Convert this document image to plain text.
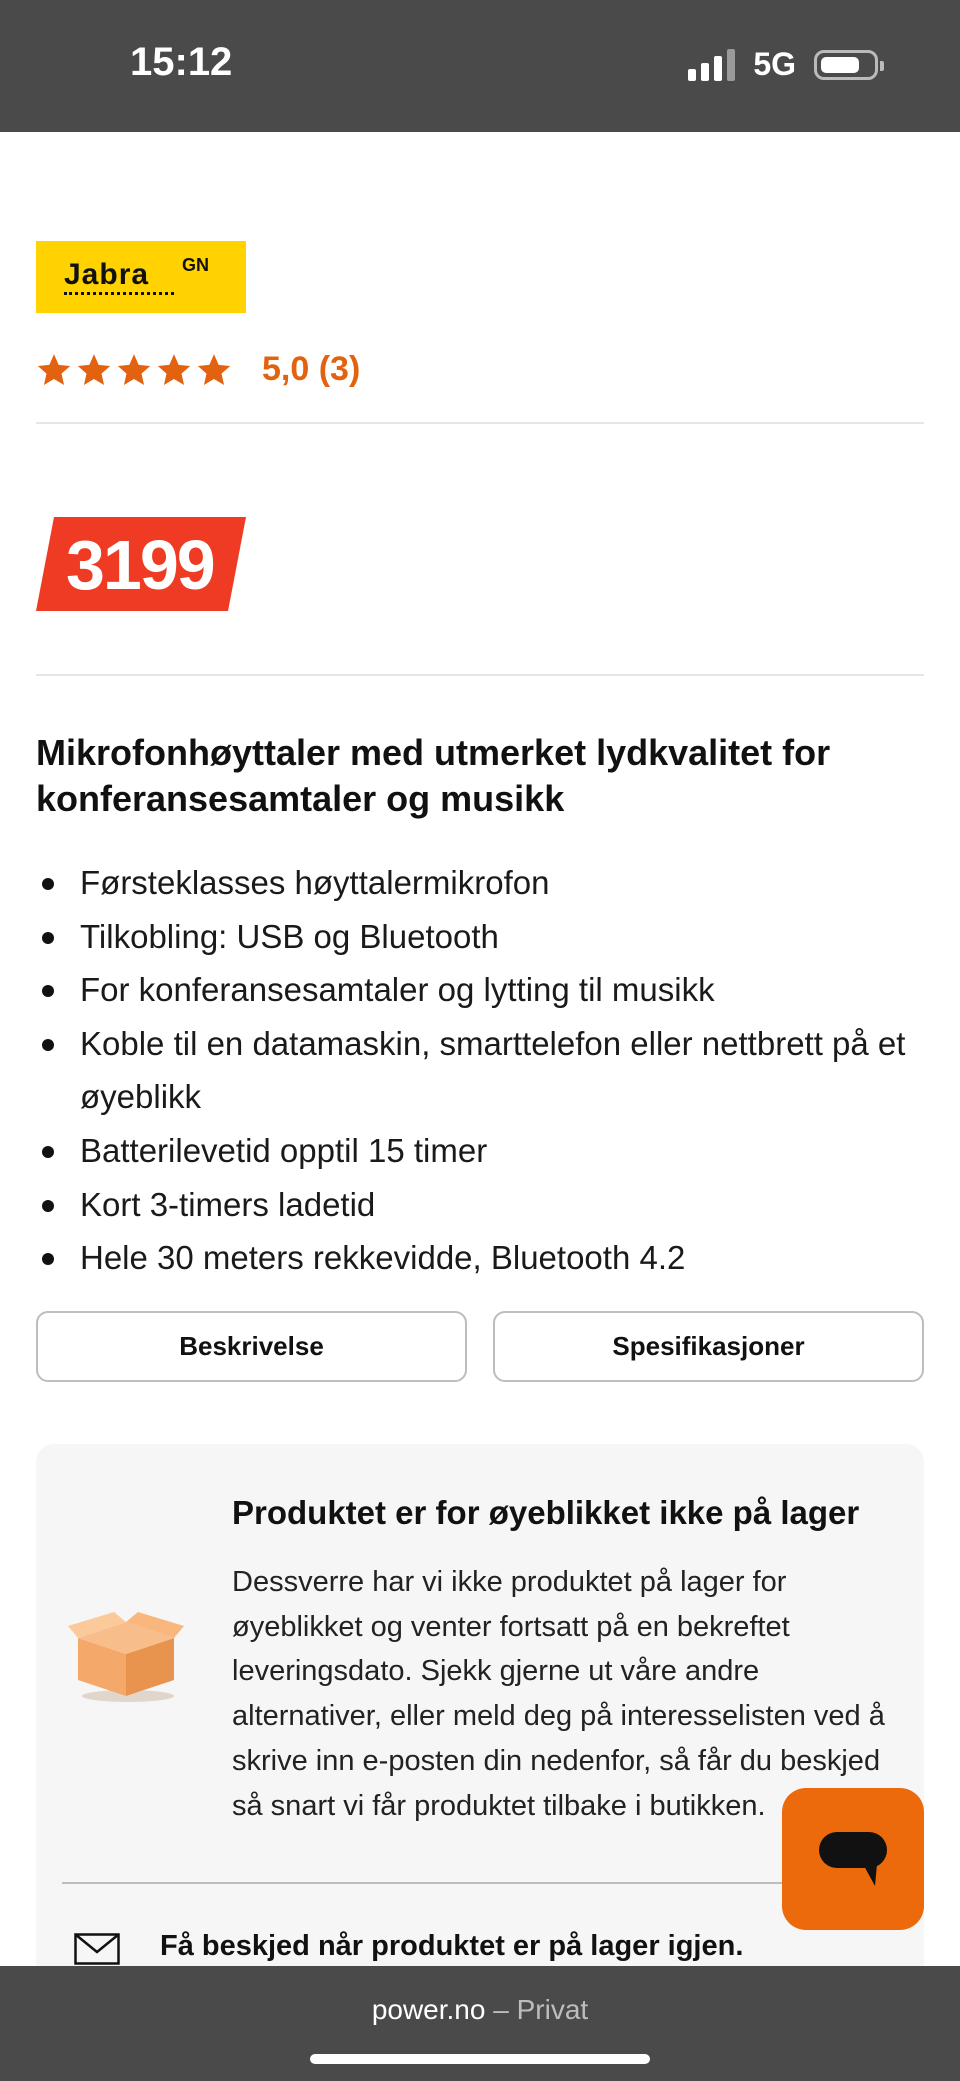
15:12	5G
Jabra GN
5,0 (3)
3199
Mikrofonhøyttaler med utmerket lydkvalitet for konferansesamtaler og musikk
Førsteklasses høyttalermikrofon
Tilkobling: USB og Bluetooth
For konferansesamtaler og lytting til musikk
Koble til en datamaskin, smarttelefon eller nettbrett på et øyeblikk
Batterilevetid opptil 15 timer
Kort 3-timers ladetid
Hele 30 meters rekkevidde, Bluetooth 4.2
Beskrivelse	Spesifikasjoner
Produktet er for øyeblikket ikke på lager
Dessverre har vi ikke produktet på lager for øyeblikket og venter fortsatt på en bekreftet leveringsdato. Sjekk gjerne ut våre andre alternativer, eller meld deg på interesselisten ved å skrive inn e-posten din nedenfor, så får du beskjed så snart vi får produktet tilbake i butikken.
Få beskjed når produktet er på lager igjen.
power.no – Privat
